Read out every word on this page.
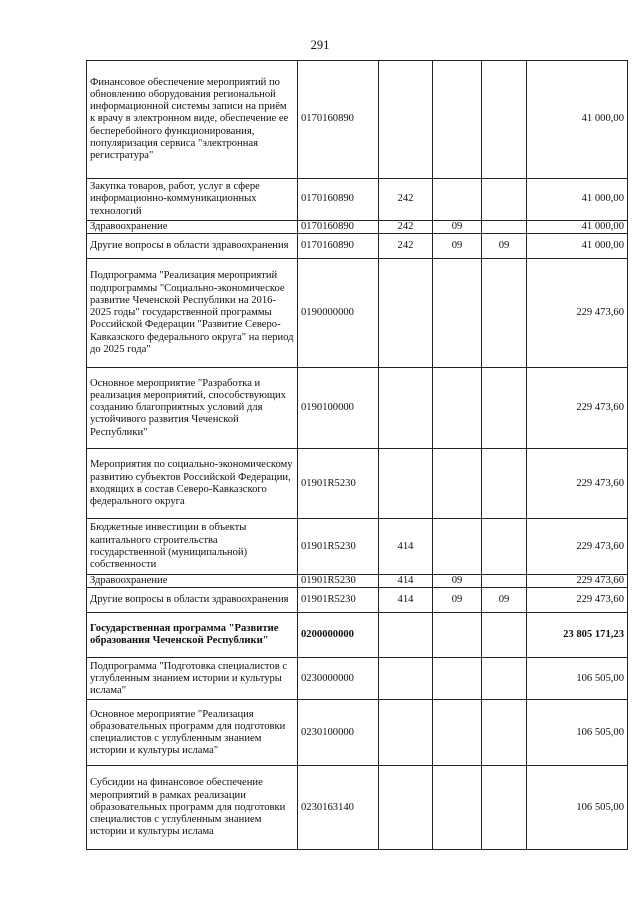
291
Финансовое обеспечение мероприятий по обновлению оборудования региональной информационной системы записи на приём к врачу в электронном виде, обеспечение ее бесперебойного функционирования, популяризация сервиса "электронная регистратура"	0170160890				41 000,00
Закупка товаров, работ, услуг в сфере информационно-коммуникационных технологий	0170160890	242			41 000,00
Здравоохранение	0170160890	242	09		41 000,00
Другие вопросы в области здравоохранения	0170160890	242	09	09	41 000,00
Подпрограмма "Реализация мероприятий подпрограммы "Социально-экономическое развитие Чеченской Республики на 2016-2025 годы" государственной программы Российской Федерации "Развитие Северо-Кавказского федерального округа" на период до 2025 года"	0190000000				229 473,60
Основное мероприятие "Разработка и реализация мероприятий, способствующих созданию благоприятных условий для устойчивого развития Чеченской Республики"	0190100000				229 473,60
Мероприятия по социально-экономическому развитию субъектов Российской Федерации, входящих в состав Северо-Кавказского федерального округа	01901R5230				229 473,60
Бюджетные инвестиции в объекты капитального строительства государственной (муниципальной) собственности	01901R5230	414			229 473,60
Здравоохранение	01901R5230	414	09		229 473,60
Другие вопросы в области здравоохранения	01901R5230	414	09	09	229 473,60
Государственная программа "Развитие образования Чеченской Республики"	0200000000				23 805 171,23
Подпрограмма "Подготовка специалистов с углубленным знанием истории и культуры ислама"	0230000000				106 505,00
Основное мероприятие "Реализация образовательных программ для подготовки специалистов с углубленным знанием истории и культуры ислама"	0230100000				106 505,00
Субсидии на финансовое обеспечение мероприятий в рамках реализации образовательных программ для подготовки специалистов с углубленным знанием истории и культуры ислама	0230163140				106 505,00
